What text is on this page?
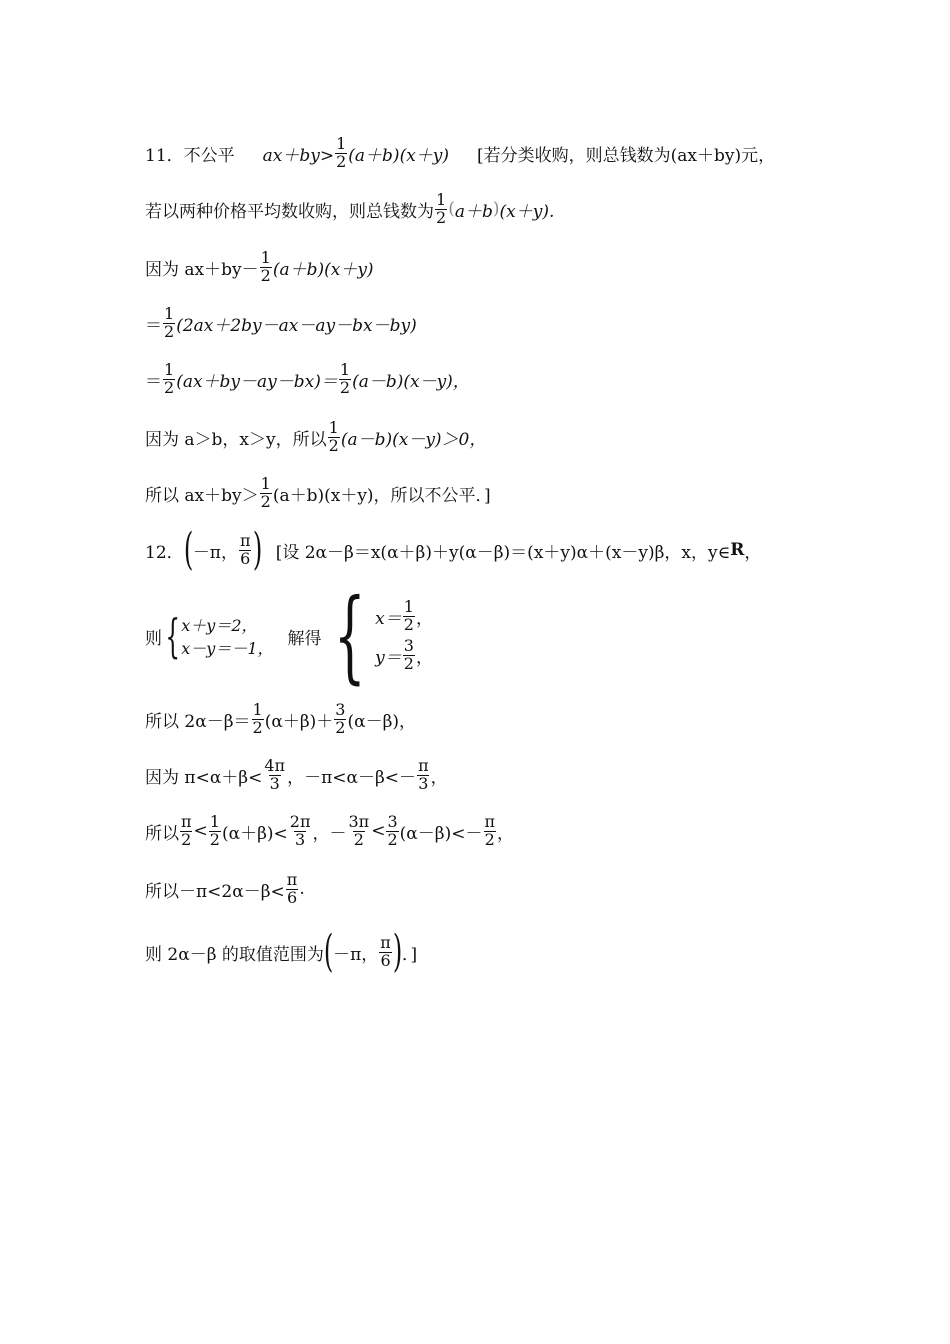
11． 不公平 $ax+by> \frac{1}{2} (a+b)(x+y)$ [若分类收购，则总钱数为(ax＋by)元，
若以两种价格平均数收购，则总钱数为 $\frac{1}{2}$ ( a＋b ) (x＋y).
因为 $ax+by- \frac{1}{2} (a+b)(x+y)$
＝ $\frac{1}{2} (2ax+2by-ax-ay-bx-by)$
＝ $\frac{1}{2} (ax+by-ay-bx)= \frac{1}{2} (a-b)(x-y)$，
因为 a＞b，x＞y，所以 $\frac{1}{2} (a-b)(x-y)>0$，
所以 $ax+by> \frac{1}{2} (a+b)(x+y)$，所以不公平．]
12． ( －π， $\frac{\pi}{6}$ ) [设 2α－β＝x(α＋β)＋y(α－β)＝(x＋y)α＋(x－y)β，x，y∈ R ，
则 { x＋y＝2，
x－y＝－1， 解得 { $x= \frac{1}{2}$ ，
$y= \frac{3}{2}$ ，
所以 $2\alpha-\beta= \frac{1}{2} (\alpha+\beta)+ \frac{3}{2} (\alpha-\beta)$，
因为 $\pi<\alpha+\beta< \frac{4\pi}{3}$ ，$-\pi<\alpha-\beta<- \frac{\pi}{3}$ ，
所以 $\frac{\pi}{2} < \frac{1}{2} (\alpha+\beta)< \frac{2\pi}{3}$ ，－ $\frac{3\pi}{2} < \frac{3}{2} (\alpha-\beta)<- \frac{\pi}{2}$ ，
所以$-\pi<2\alpha-\beta< \frac{\pi}{6}$ .
则 2α－β 的取值范围为 ( －π， $\frac{\pi}{6}$ ) ．]
